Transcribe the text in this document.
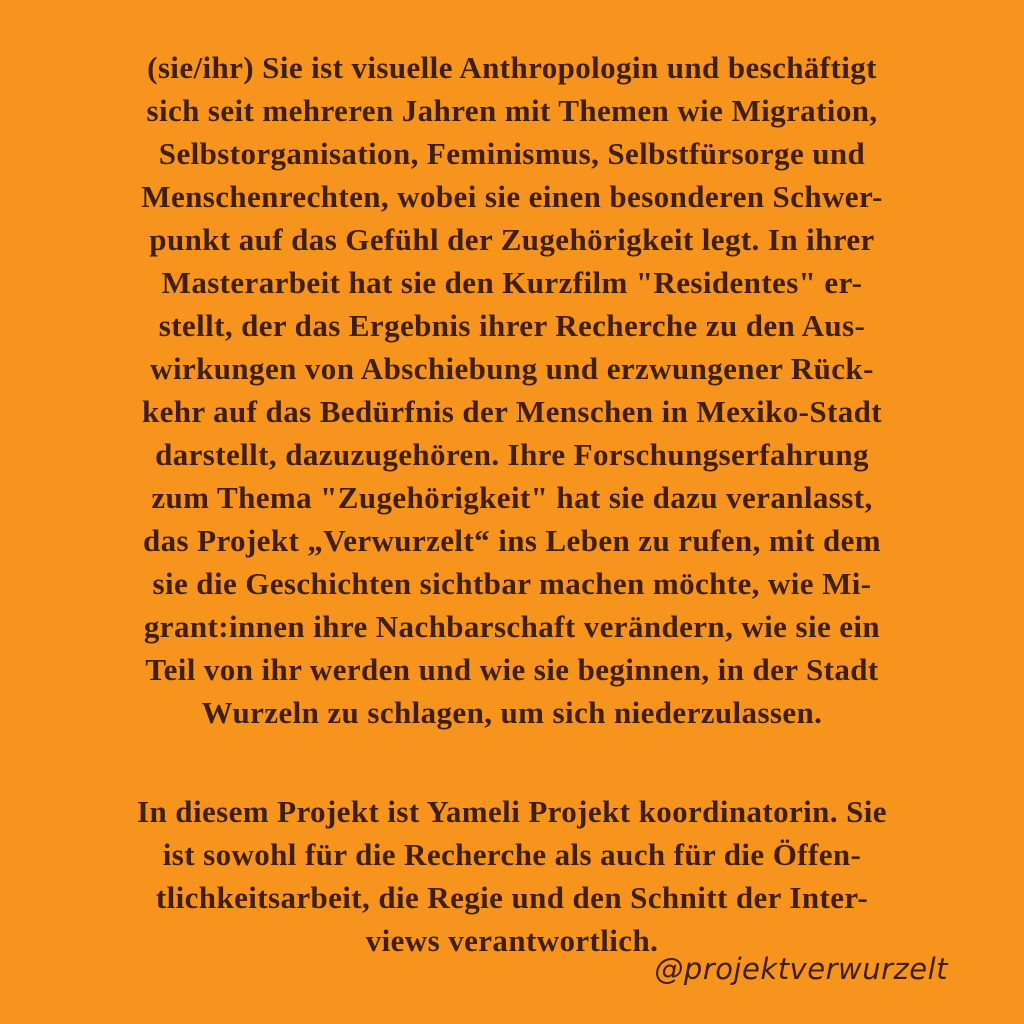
(sie/ihr) Sie ist visuelle Anthropologin und beschäftigt
sich seit mehreren Jahren mit Themen wie Migration,
Selbstorganisation, Feminismus, Selbstfürsorge und
Menschenrechten, wobei sie einen besonderen Schwer-
punkt auf das Gefühl der Zugehörigkeit legt. In ihrer
Masterarbeit hat sie den Kurzfilm "Residentes" er-
stellt, der das Ergebnis ihrer Recherche zu den Aus-
wirkungen von Abschiebung und erzwungener Rück-
kehr auf das Bedürfnis der Menschen in Mexiko-Stadt
darstellt, dazuzugehören. Ihre Forschungserfahrung
zum Thema "Zugehörigkeit" hat sie dazu veranlasst,
das Projekt „Verwurzelt“ ins Leben zu rufen, mit dem
sie die Geschichten sichtbar machen möchte, wie Mi-
grant:innen ihre Nachbarschaft verändern, wie sie ein
Teil von ihr werden und wie sie beginnen, in der Stadt
Wurzeln zu schlagen, um sich niederzulassen.

In diesem Projekt ist Yameli Projekt koordinatorin. Sie
ist sowohl für die Recherche als auch für die Öffen-
tlichkeitsarbeit, die Regie und den Schnitt der Inter-
views verantwortlich.

@projektverwurzelt
